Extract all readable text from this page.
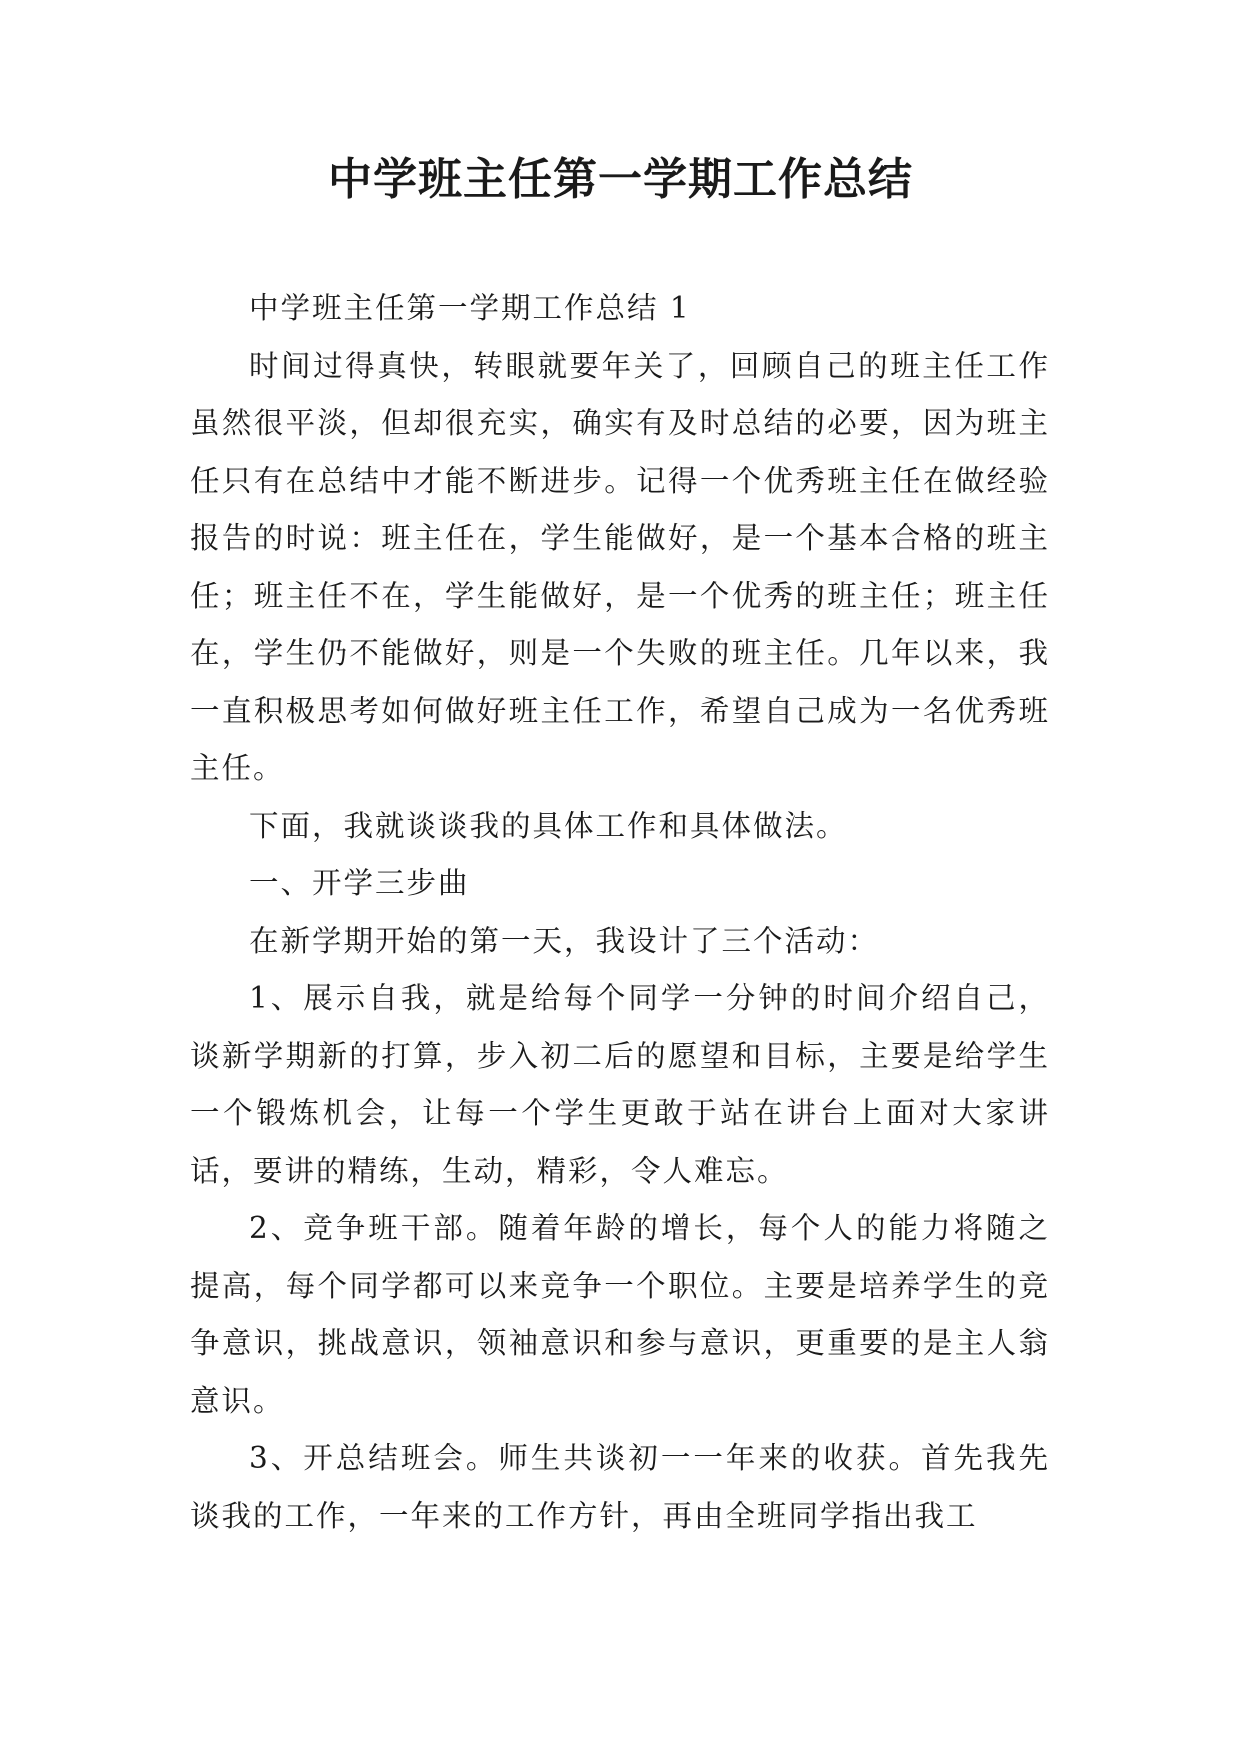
中学班主任第一学期工作总结

中学班主任第一学期工作总结 1

时间过得真快，转眼就要年关了，回顾自己的班主任工作虽然很平淡，但却很充实，确实有及时总结的必要，因为班主任只有在总结中才能不断进步。记得一个优秀班主任在做经验报告的时说：班主任在，学生能做好，是一个基本合格的班主任；班主任不在，学生能做好，是一个优秀的班主任；班主任在，学生仍不能做好，则是一个失败的班主任。几年以来，我一直积极思考如何做好班主任工作，希望自己成为一名优秀班主任。

下面，我就谈谈我的具体工作和具体做法。

一、开学三步曲

在新学期开始的第一天，我设计了三个活动：

1、展示自我，就是给每个同学一分钟的时间介绍自己，谈新学期新的打算，步入初二后的愿望和目标，主要是给学生一个锻炼机会，让每一个学生更敢于站在讲台上面对大家讲话，要讲的精练，生动，精彩，令人难忘。

2、竞争班干部。随着年龄的增长，每个人的能力将随之提高，每个同学都可以来竞争一个职位。主要是培养学生的竞争意识，挑战意识，领袖意识和参与意识，更重要的是主人翁意识。

3、开总结班会。师生共谈初一一年来的收获。首先我先谈我的工作，一年来的工作方针，再由全班同学指出我工
